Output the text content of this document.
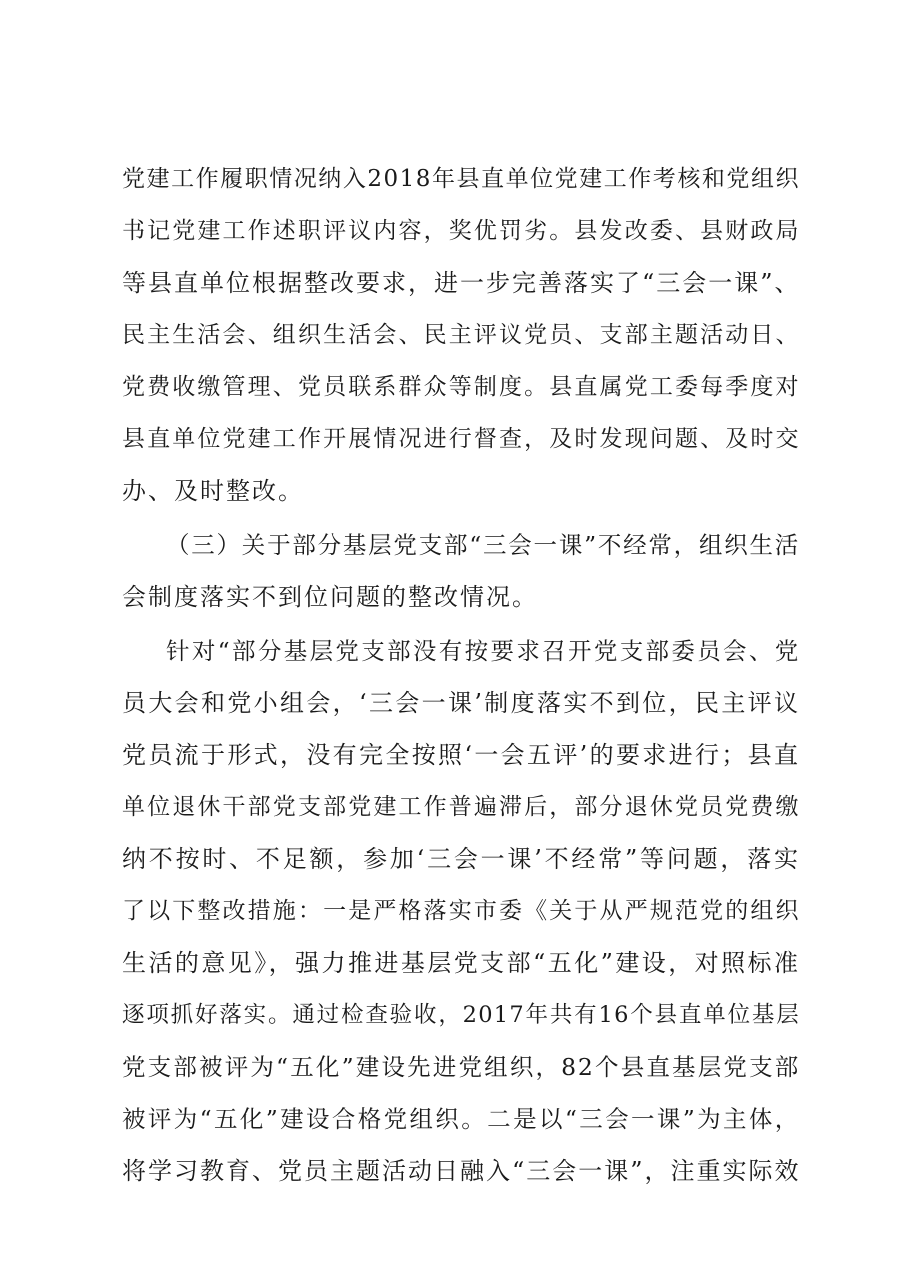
党建工作履职情况纳入2018年县直单位党建工作考核和党组织
书记党建工作述职评议内容，奖优罚劣。县发改委、县财政局
等县直单位根据整改要求，进一步完善落实了“三会一课”、
民主生活会、组织生活会、民主评议党员、支部主题活动日、
党费收缴管理、党员联系群众等制度。县直属党工委每季度对
县直单位党建工作开展情况进行督查，及时发现问题、及时交
办、及时整改。
（三）关于部分基层党支部“三会一课”不经常，组织生活
会制度落实不到位问题的整改情况。
针对“部分基层党支部没有按要求召开党支部委员会、党
员大会和党小组会，‘三会一课’制度落实不到位，民主评议
党员流于形式，没有完全按照‘一会五评’的要求进行；县直
单位退休干部党支部党建工作普遍滞后，部分退休党员党费缴
纳不按时、不足额，参加‘三会一课’不经常”等问题，落实
了以下整改措施：一是严格落实市委《关于从严规范党的组织
生活的意见》，强力推进基层党支部“五化”建设，对照标准
逐项抓好落实。通过检查验收，2017年共有16个县直单位基层
党支部被评为“五化”建设先进党组织，82个县直基层党支部
被评为“五化”建设合格党组织。二是以“三会一课”为主体，
将学习教育、党员主题活动日融入“三会一课”，注重实际效
